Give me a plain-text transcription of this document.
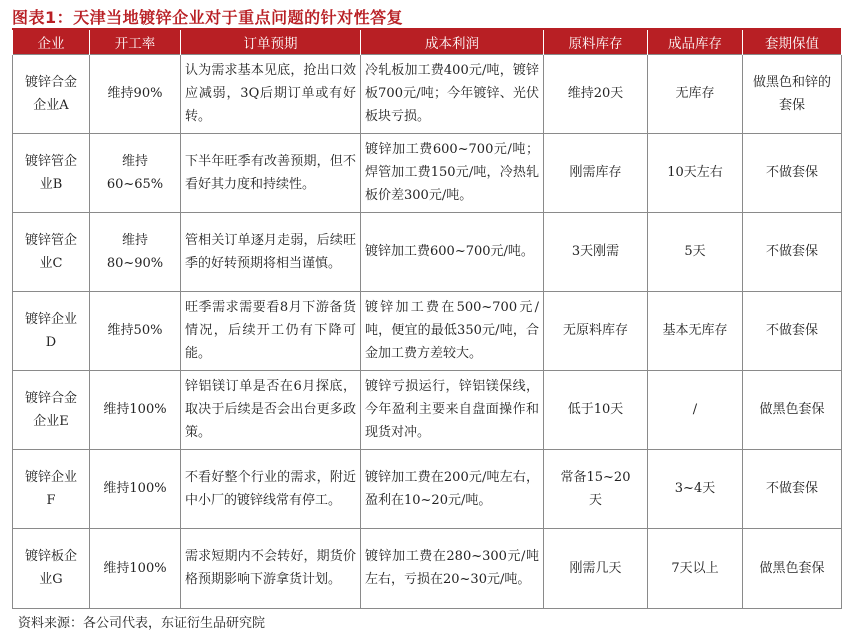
图表1：天津当地镀锌企业对于重点问题的针对性答复
企业	开工率	订单预期	成本利润	原料库存	成品库存	套期保值
镀锌合金企业A	维持90%	认为需求基本见底，抢出口效应减弱，3Q后期订单或有好转。	冷轧板加工费400元/吨，镀锌板700元/吨；今年镀锌、光伏板块亏损。	维持20天	无库存	做黑色和锌的套保
镀锌管企业B	维持60~65%	下半年旺季有改善预期，但不看好其力度和持续性。	镀锌加工费600~700元/吨；焊管加工费150元/吨，冷热轧板价差300元/吨。	刚需库存	10天左右	不做套保
镀锌管企业C	维持80~90%	管相关订单逐月走弱，后续旺季的好转预期将相当谨慎。	镀锌加工费600~700元/吨。	3天刚需	5天	不做套保
镀锌企业D	维持50%	旺季需求需要看8月下游备货情况，后续开工仍有下降可能。	镀锌加工费在500~700元/吨，便宜的最低350元/吨，合金加工费方差较大。	无原料库存	基本无库存	不做套保
镀锌合金企业E	维持100%	锌铝镁订单是否在6月探底，取决于后续是否会出台更多政策。	镀锌亏损运行，锌铝镁保线，今年盈利主要来自盘面操作和现货对冲。	低于10天	/	做黑色套保
镀锌企业F	维持100%	不看好整个行业的需求，附近中小厂的镀锌线常有停工。	镀锌加工费在200元/吨左右，盈利在10~20元/吨。	常备15~20天	3~4天	不做套保
镀锌板企业G	维持100%	需求短期内不会转好，期货价格预期影响下游拿货计划。	镀锌加工费在280~300元/吨左右，亏损在20~30元/吨。	刚需几天	7天以上	做黑色套保
资料来源：各公司代表，东证衍生品研究院
